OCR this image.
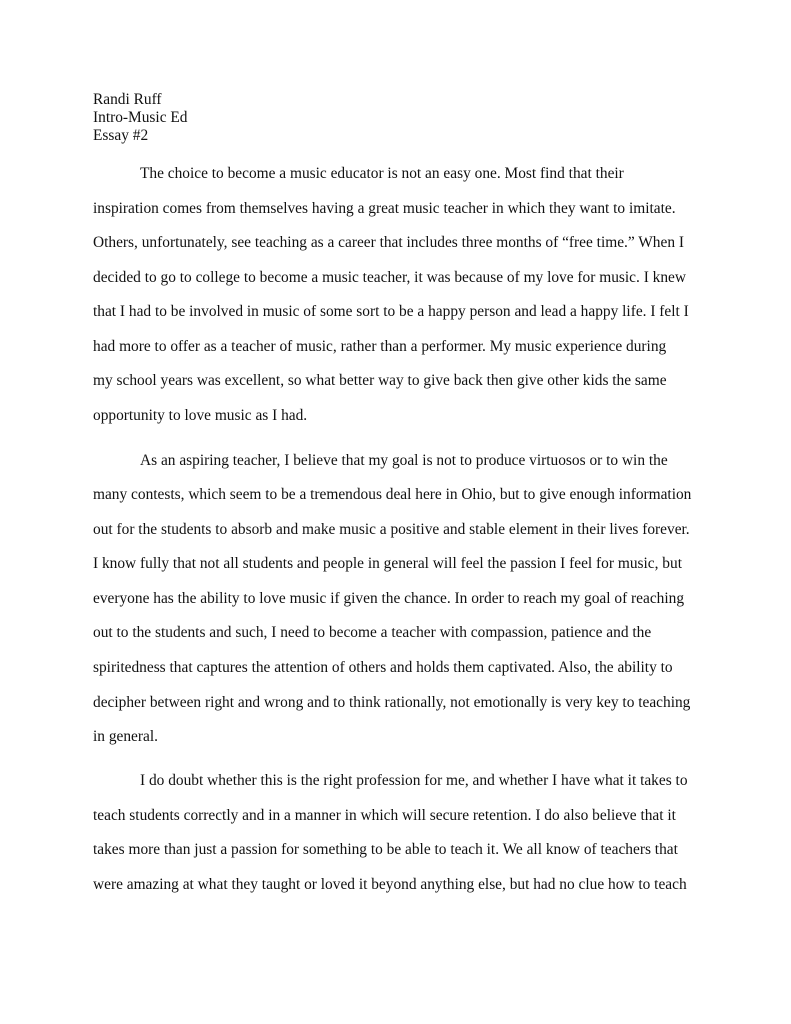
Randi Ruff
Intro-Music Ed
Essay #2
The choice to become a music educator is not an easy one. Most find that their
inspiration comes from themselves having a great music teacher in which they want to imitate.
Others, unfortunately, see teaching as a career that includes three months of “free time.” When I
decided to go to college to become a music teacher, it was because of my love for music. I knew
that I had to be involved in music of some sort to be a happy person and lead a happy life. I felt I
had more to offer as a teacher of music, rather than a performer. My music experience during
my school years was excellent, so what better way to give back then give other kids the same
opportunity to love music as I had.
As an aspiring teacher, I believe that my goal is not to produce virtuosos or to win the
many contests, which seem to be a tremendous deal here in Ohio, but to give enough information
out for the students to absorb and make music a positive and stable element in their lives forever.
I know fully that not all students and people in general will feel the passion I feel for music, but
everyone has the ability to love music if given the chance. In order to reach my goal of reaching
out to the students and such, I need to become a teacher with compassion, patience and the
spiritedness that captures the attention of others and holds them captivated. Also, the ability to
decipher between right and wrong and to think rationally, not emotionally is very key to teaching
in general.
I do doubt whether this is the right profession for me, and whether I have what it takes to
teach students correctly and in a manner in which will secure retention. I do also believe that it
takes more than just a passion for something to be able to teach it. We all know of teachers that
were amazing at what they taught or loved it beyond anything else, but had no clue how to teach
